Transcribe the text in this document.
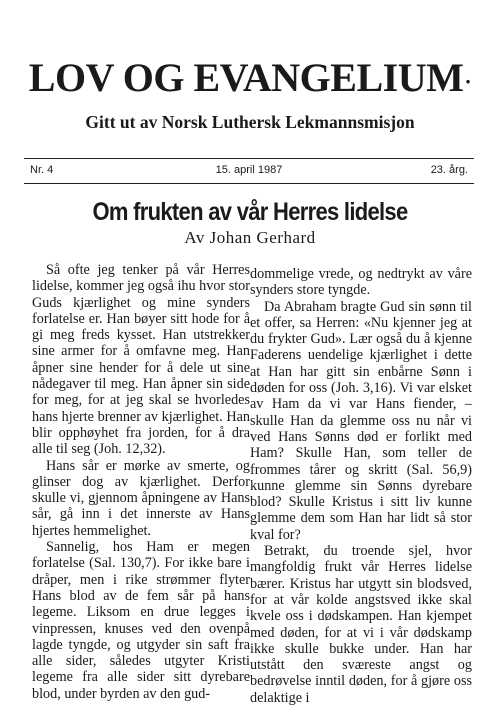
LOV OG EVANGELIUM·
Gitt ut av Norsk Luthersk Lekmannsmisjon
15. april 1987
Nr. 4	23. årg.
Om frukten av vår Herres lidelse
Av Johan Gerhard

Så ofte jeg tenker på vår Herres lidelse, kommer jeg også ihu hvor stor Guds kjærlighet og mine synders forlatelse er. Han bøyer sitt hode for å gi meg freds kysset. Han utstrekker sine armer for å omfavne meg. Han åpner sine hender for å dele ut sine nådegaver til meg. Han åpner sin side for meg, for at jeg skal se hvorledes hans hjerte brenner av kjærlighet. Han blir opphøyhet fra jorden, for å dra alle til seg (Joh. 12,32).

Hans sår er mørke av smerte, og glinser dog av kjærlighet. Derfor skulle vi, gjennom åpningene av Hans sår, gå inn i det innerste av Hans hjertes hemmelighet.

Sannelig, hos Ham er megen forlatelse (Sal. 130,7). For ikke bare i dråper, men i rike strømmer flyter Hans blod av de fem sår på hans legeme. Liksom en drue legges i vinpressen, knuses ved den ovenpå lagde tyngde, og utgyder sin saft fra alle sider, således utgyter Kristi legeme fra alle sider sitt dyrebare blod, under byrden av den gud-

dommelige vrede, og nedtrykt av våre synders store tyngde.

Da Abraham bragte Gud sin sønn til et offer, sa Herren: «Nu kjenner jeg at du frykter Gud». Lær også du å kjenne Faderens uendelige kjærlighet i dette at Han har gitt sin enbårne Sønn i døden for oss (Joh. 3,16). Vi var elsket av Ham da vi var Hans fiender, – skulle Han da glemme oss nu når vi ved Hans Sønns død er forlikt med Ham? Skulle Han, som teller de frommes tårer og skritt (Sal. 56,9) kunne glemme sin Sønns dyrebare blod? Skulle Kristus i sitt liv kunne glemme dem som Han har lidt så stor kval for?

Betrakt, du troende sjel, hvor mangfoldig frukt vår Herres lidelse bærer. Kristus har utgytt sin blodsved, for at vår kolde angstsved ikke skal kvele oss i dødskampen. Han kjempet med døden, for at vi i vår dødskamp ikke skulle bukke under. Han har utstått den sværeste angst og bedrøvelse inntil døden, for å gjøre oss delaktige i
